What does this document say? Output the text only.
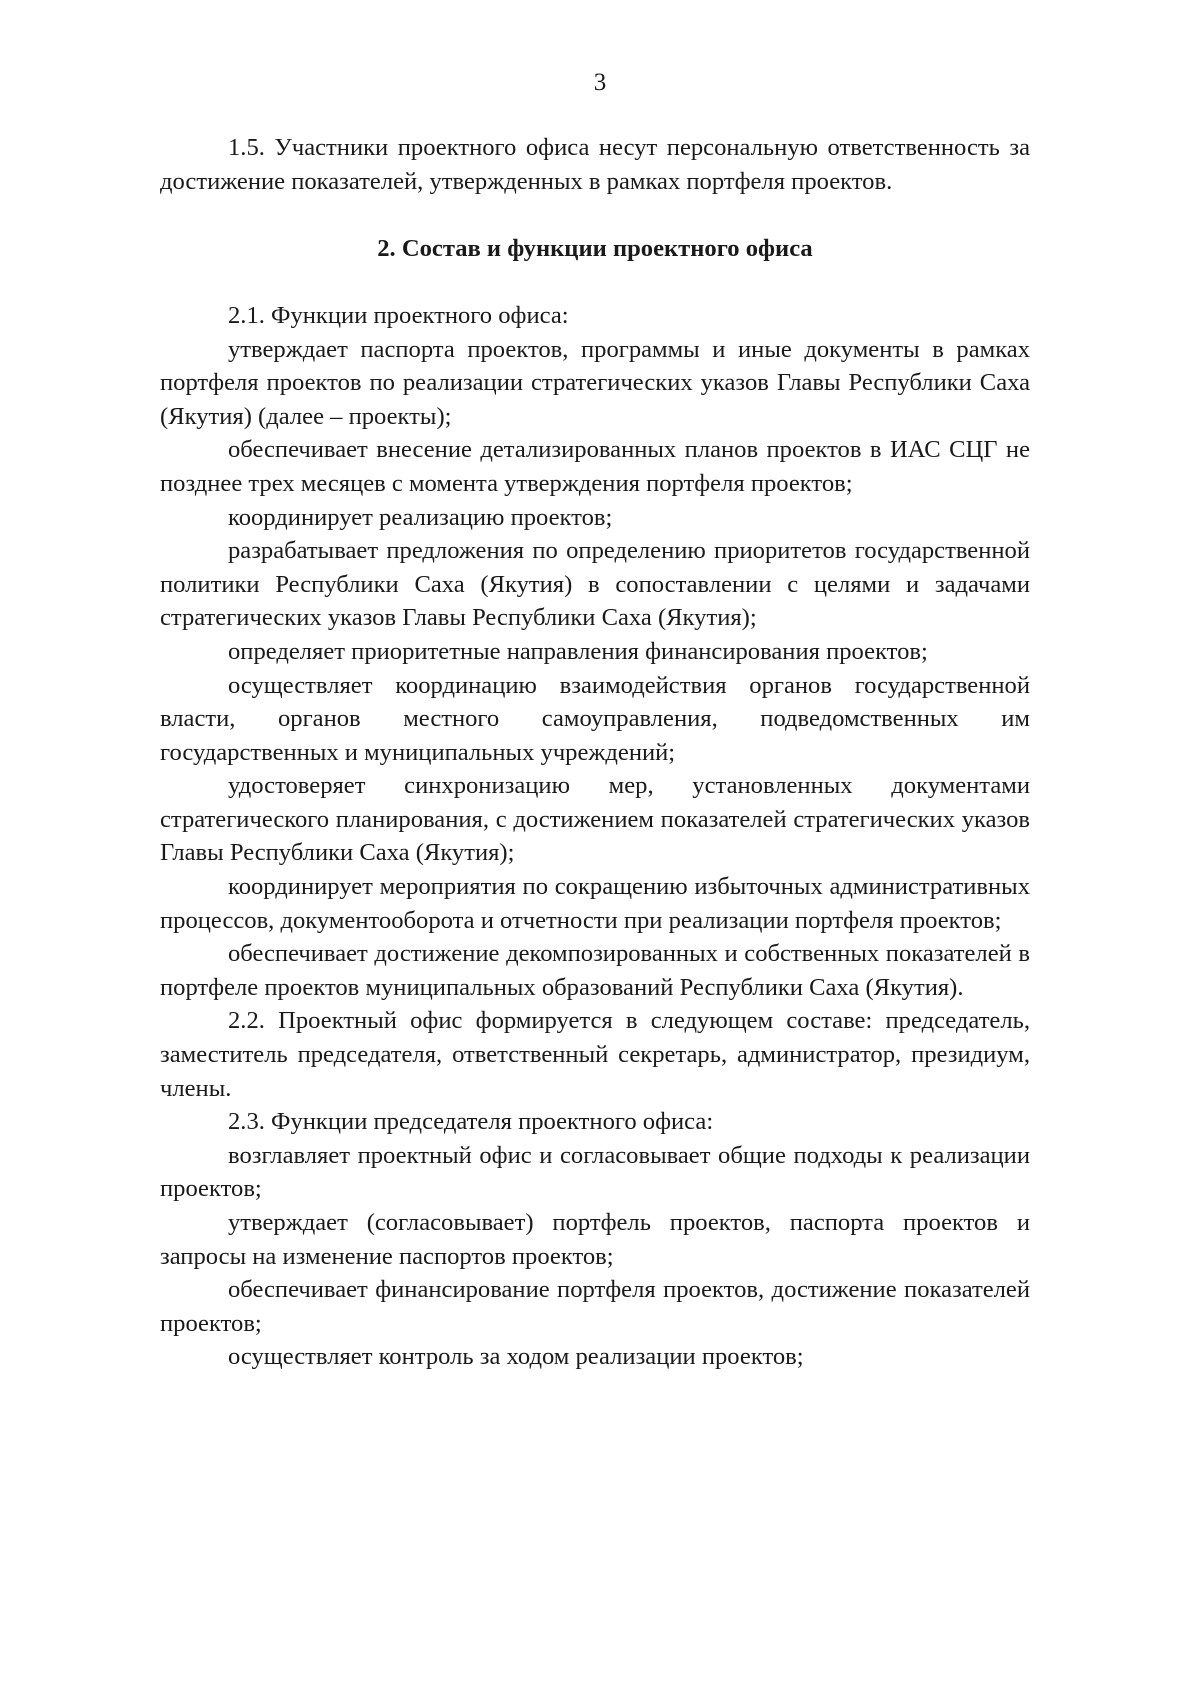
3

1.5. Участники проектного офиса несут персональную ответственность за достижение показателей, утвержденных в рамках портфеля проектов.

2. Состав и функции проектного офиса

2.1. Функции проектного офиса:

утверждает паспорта проектов, программы и иные документы в рамках портфеля проектов по реализации стратегических указов Главы Республики Саха (Якутия) (далее – проекты);

обеспечивает внесение детализированных планов проектов в ИАС СЦГ не позднее трех месяцев с момента утверждения портфеля проектов;

координирует реализацию проектов;

разрабатывает предложения по определению приоритетов государственной политики Республики Саха (Якутия) в сопоставлении с целями и задачами стратегических указов Главы Республики Саха (Якутия);

определяет приоритетные направления финансирования проектов;

осуществляет координацию взаимодействия органов государственной власти, органов местного самоуправления, подведомственных им государственных и муниципальных учреждений;

удостоверяет синхронизацию мер, установленных документами стратегического планирования, с достижением показателей стратегических указов Главы Республики Саха (Якутия);

координирует мероприятия по сокращению избыточных административных процессов, документооборота и отчетности при реализации портфеля проектов;

обеспечивает достижение декомпозированных и собственных показателей в портфеле проектов муниципальных образований Республики Саха (Якутия).

2.2. Проектный офис формируется в следующем составе: председатель, заместитель председателя, ответственный секретарь, администратор, президиум, члены.

2.3. Функции председателя проектного офиса:

возглавляет проектный офис и согласовывает общие подходы к реализации проектов;

утверждает (согласовывает) портфель проектов, паспорта проектов и запросы на изменение паспортов проектов;

обеспечивает финансирование портфеля проектов, достижение показателей проектов;

осуществляет контроль за ходом реализации проектов;
